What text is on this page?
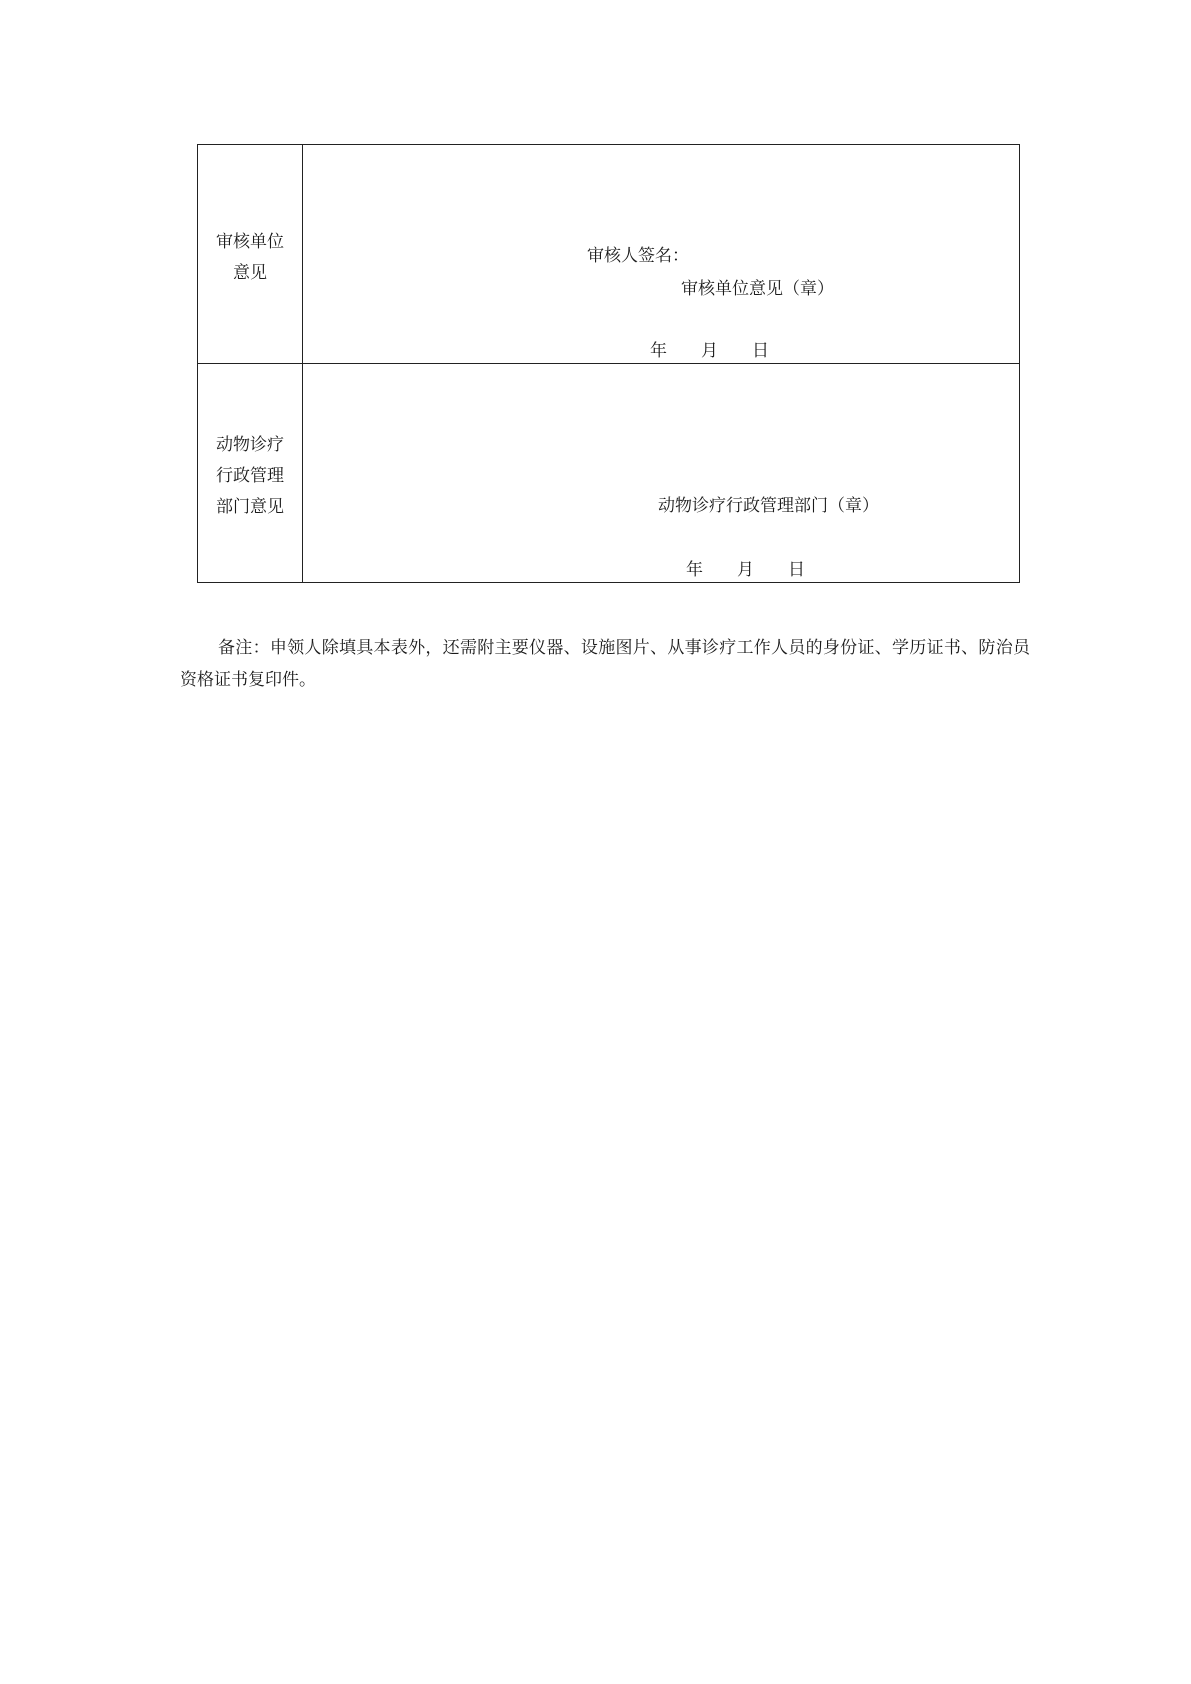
审核单位
意见	审核人签名：
审核单位意见（章）
年　　月　　日

动物诊疗
行政管理
部门意见	动物诊疗行政管理部门（章）
年　　月　　日
备注：申领人除填具本表外，还需附主要仪器、设施图片、从事诊疗工作人员的身份证、学历证书、防治员资格证书复印件。
